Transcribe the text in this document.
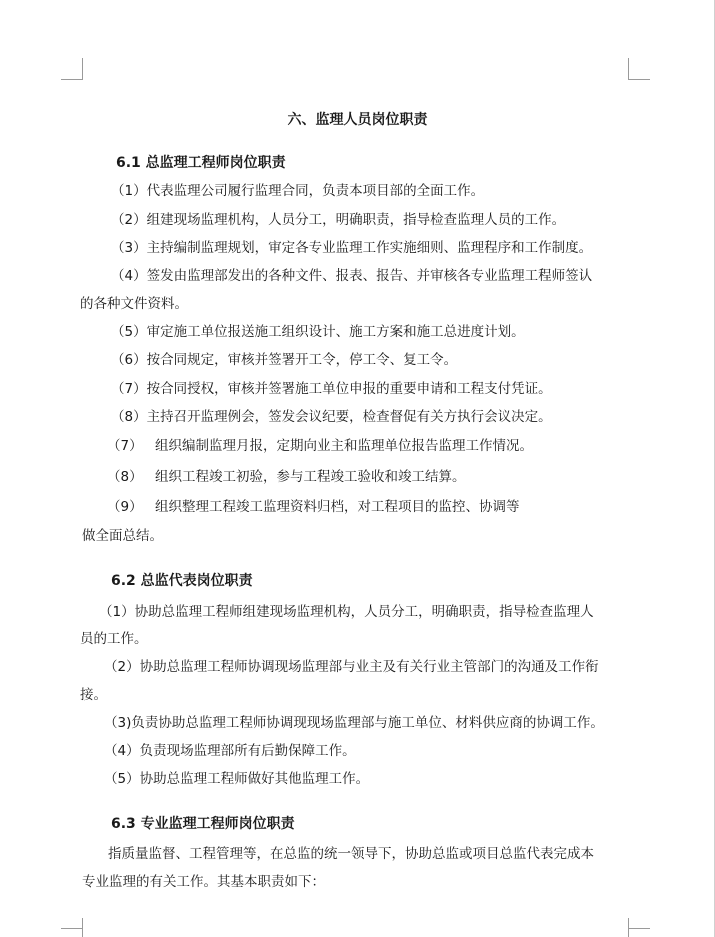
六、监理人员岗位职责
6.1 总监理工程师岗位职责
（1）代表监理公司履行监理合同，负责本项目部的全面工作。
（2）组建现场监理机构，人员分工，明确职责，指导检查监理人员的工作。
（3）主持编制监理规划，审定各专业监理工作实施细则、监理程序和工作制度。
（4）签发由监理部发出的各种文件、报表、报告、并审核各专业监理工程师签认
的各种文件资料。
（5）审定施工单位报送施工组织设计、施工方案和施工总进度计划。
（6）按合同规定，审核并签署开工令，停工令、复工令。
（7）按合同授权，审核并签署施工单位申报的重要申请和工程支付凭证。
（8）主持召开监理例会，签发会议纪要，检查督促有关方执行会议决定。
（7） 组织编制监理月报，定期向业主和监理单位报告监理工作情况。
（8） 组织工程竣工初验，参与工程竣工验收和竣工结算。
（9） 组织整理工程竣工监理资料归档，对工程项目的监控、协调等
做全面总结。
6.2 总监代表岗位职责
（1）协助总监理工程师组建现场监理机构，人员分工，明确职责，指导检查监理人
员的工作。
（2）协助总监理工程师协调现场监理部与业主及有关行业主管部门的沟通及工作衔
接。
（3)负责协助总监理工程师协调现现场监理部与施工单位、材料供应商的协调工作。
（4）负责现场监理部所有后勤保障工作。
（5）协助总监理工程师做好其他监理工作。
6.3 专业监理工程师岗位职责
指质量监督、工程管理等，在总监的统一领导下，协助总监或项目总监代表完成本
专业监理的有关工作。其基本职责如下：
